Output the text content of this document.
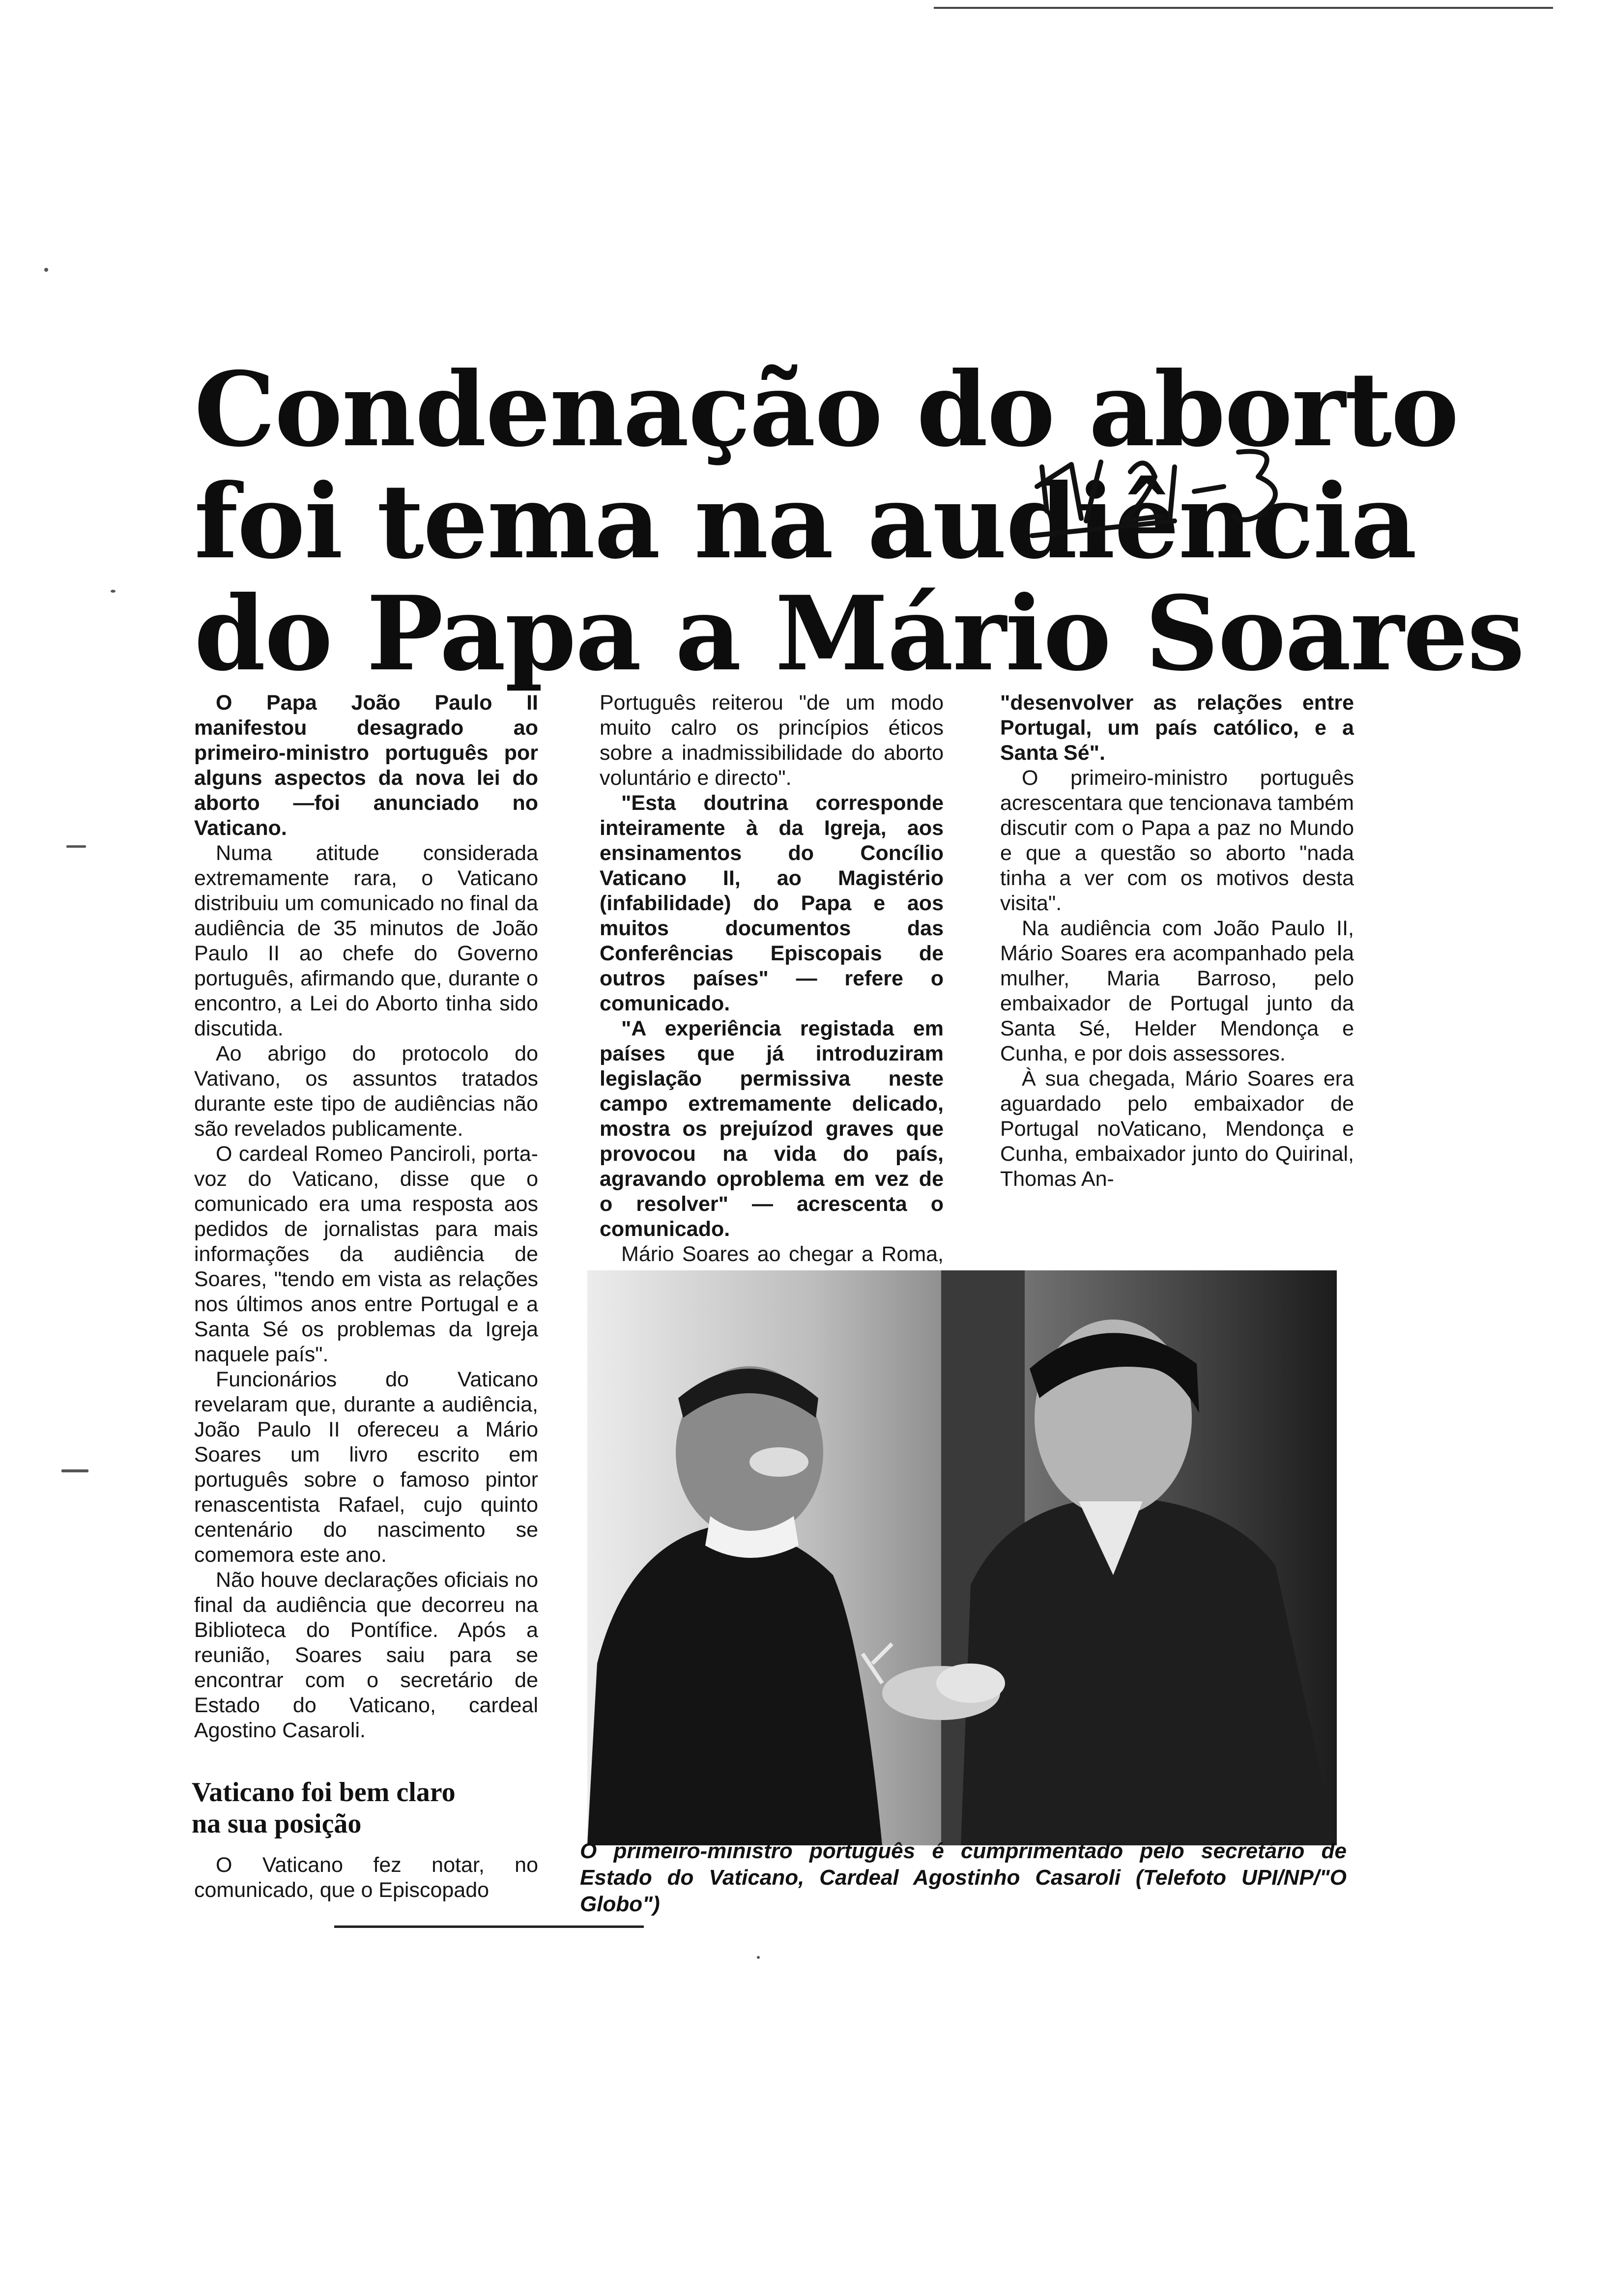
Condenação do aborto
foi tema na audiência
do Papa a Mário Soares

O Papa João Paulo II manifestou desagrado ao primeiro-ministro português por alguns aspectos da nova lei do aborto —foi anunciado no Vaticano.

Numa atitude considerada extremamente rara, o Vaticano distribuiu um comunicado no final da audiência de 35 minutos de João Paulo II ao chefe do Governo português, afirmando que, durante o encontro, a Lei do Aborto tinha sido discutida.

Ao abrigo do protocolo do Vativano, os assuntos tratados durante este tipo de audiências não são revelados publicamente.

O cardeal Romeo Panciroli, porta-voz do Vaticano, disse que o comunicado era uma resposta aos pedidos de jornalistas para mais informações da audiência de Soares, "tendo em vista as relações nos últimos anos entre Portugal e a Santa Sé os problemas da Igreja naquele país".

Funcionários do Vaticano revelaram que, durante a audiência, João Paulo II ofereceu a Mário Soares um livro escrito em português sobre o famoso pintor renascentista Rafael, cujo quinto centenário do nascimento se comemora este ano.

Não houve declarações oficiais no final da audiência que decorreu na Biblioteca do Pontífice. Após a reunião, Soares saiu para se encontrar com o secretário de Estado do Vaticano, cardeal Agostino Casaroli.

Português reiterou "de um modo muito calro os princípios éticos sobre a inadmissibilidade do aborto voluntário e directo".

"Esta doutrina corresponde inteiramente à da Igreja, aos ensinamentos do Concílio Vaticano II, ao Magistério (infabilidade) do Papa e aos muitos documentos das Conferências Episcopais de outros países" — refere o comunicado.

"A experiência registada em países que já introduziram legislação permissiva neste campo extremamente delicado, mostra os prejuízod graves que provocou na vida do país, agravando oproblema em vez de o resolver" — acrescenta o comunicado.

Mário Soares ao chegar a Roma,

"desenvolver as relações entre Portugal, um país católico, e a Santa Sé".

O primeiro-ministro português acrescentara que tencionava também discutir com o Papa a paz no Mundo e que a questão so aborto "nada tinha a ver com os motivos desta visita".

Na audiência com João Paulo II, Mário Soares era acompanhado pela mulher, Maria Barroso, pelo embaixador de Portugal junto da Santa Sé, Helder Mendonça e Cunha, e por dois assessores.

À sua chegada, Mário Soares era aguardado pelo embaixador de Portugal noVaticano, Mendonça e Cunha, embaixador junto do Quirinal, Thomas An-

O primeiro-ministro português é cumprimentado pelo secretário de Estado do Vaticano, Cardeal Agostinho Casaroli (Telefoto UPI/NP/"O Globo")
Vaticano foi bem claro
na sua posição

O Vaticano fez notar, no comunicado, que o Episcopado
